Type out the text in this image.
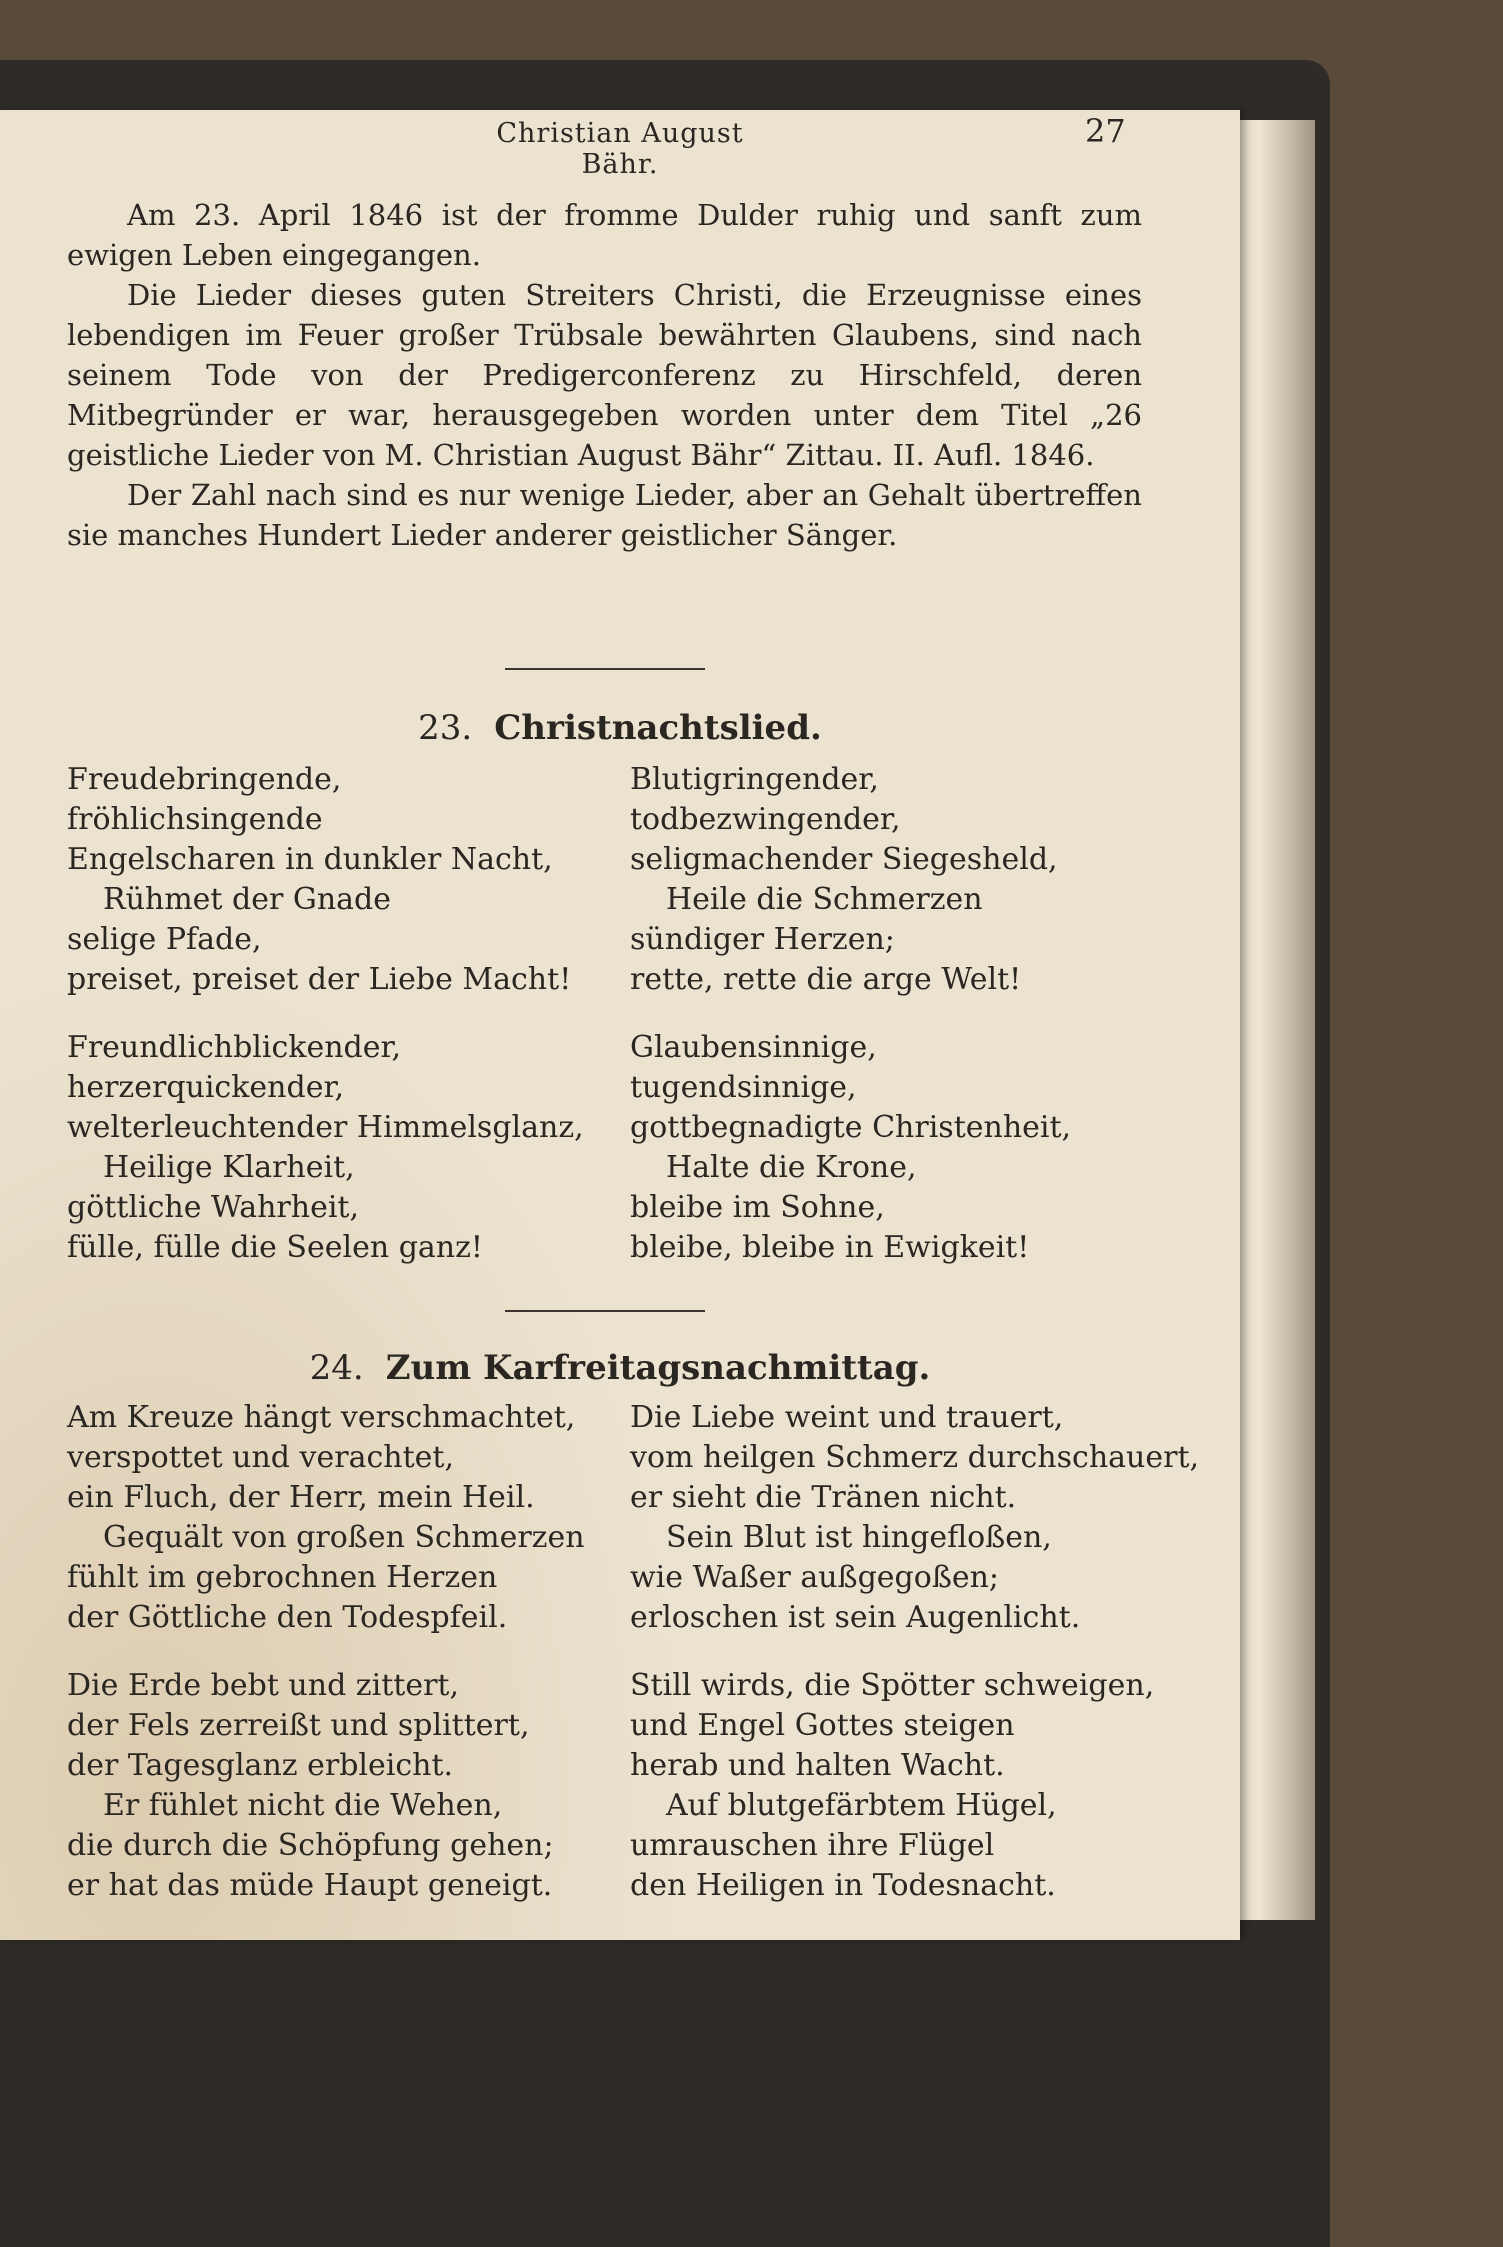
Christian August Bähr.
27

Am 23. April 1846 ist der fromme Dulder ruhig und sanft zum ewigen Leben eingegangen.

Die Lieder dieses guten Streiters Christi, die Erzeugnisse eines lebendigen im Feuer großer Trübsale bewährten Glaubens, sind nach seinem Tode von der Predigerconferenz zu Hirschfeld, deren Mitbegründer er war, herausgegeben worden unter dem Titel „26 geistliche Lieder von M. Christian August Bähr“ Zittau. II. Aufl. 1846.

Der Zahl nach sind es nur wenige Lieder, aber an Gehalt übertreffen sie manches Hundert Lieder anderer geistlicher Sänger.

23. Christnachtslied.
Freudebringende,
fröhlichsingende
Engelscharen in dunkler Nacht,
Rühmet der Gnade
selige Pfade,
preiset, preiset der Liebe Macht!
Freundlichblickender,
herzerquickender,
welterleuchtender Himmelsglanz,
Heilige Klarheit,
göttliche Wahrheit,
fülle, fülle die Seelen ganz!
Blutigringender,
todbezwingender,
seligmachender Siegesheld,
Heile die Schmerzen
sündiger Herzen;
rette, rette die arge Welt!
Glaubensinnige,
tugendsinnige,
gottbegnadigte Christenheit,
Halte die Krone,
bleibe im Sohne,
bleibe, bleibe in Ewigkeit!
24. Zum Karfreitagsnachmittag.
Am Kreuze hängt verschmachtet,
verspottet und verachtet,
ein Fluch, der Herr, mein Heil.
Gequält von großen Schmerzen
fühlt im gebrochnen Herzen
der Göttliche den Todespfeil.
Die Erde bebt und zittert,
der Fels zerreißt und splittert,
der Tagesglanz erbleicht.
Er fühlet nicht die Wehen,
die durch die Schöpfung gehen;
er hat das müde Haupt geneigt.
Die Liebe weint und trauert,
vom heilgen Schmerz durchschauert,
er sieht die Tränen nicht.
Sein Blut ist hingefloßen,
wie Waßer außgegoßen;
erloschen ist sein Augenlicht.
Still wirds, die Spötter schweigen,
und Engel Gottes steigen
herab und halten Wacht.
Auf blutgefärbtem Hügel,
umrauschen ihre Flügel
den Heiligen in Todesnacht.
